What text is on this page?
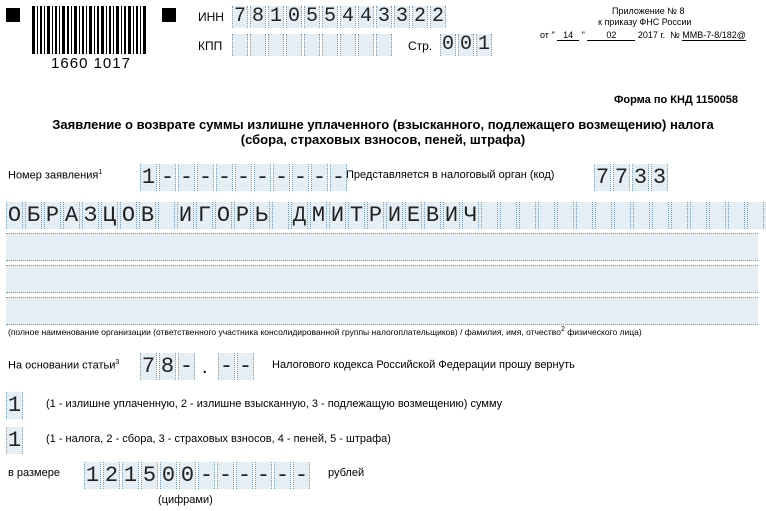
1660 1017
ИНН 7 8 1 0 5 5 4 4 3 3 2 2
КПП	Стр. 0 0 1
Приложение № 8
к приказу ФНС России
от " 14 " 02 2017 г. № ММВ-7-8/182@
Форма по КНД 1150058
Заявление о возврате суммы излишне уплаченного (взысканного, подлежащего возмещению) налога
(сбора, страховых взносов, пеней, штрафа)
Номер заявления$^1$ 1 - - - - - - - - - - Представляется в налоговый орган (код) 7 7 3 3
О Б Р А З Ц О В И Г О Р Ь Д М И Т Р И Е В И Ч
(полное наименование организации (ответственного участника консолидированной группы налогоплательщиков) / фамилия, имя, отчество$^2$ физического лица)
На основании статьи$^3$ 7 8 - . - - Налогового кодекса Российской Федерации прошу вернуть
1 (1 - излишне уплаченную, 2 - излишне взысканную, 3 - подлежащую возмещению) сумму
1 (1 - налога, 2 - сбора, 3 - страховых взносов, 4 - пеней, 5 - штрафа)
в размере 1 2 1 5 0 0 - - - - - - рублей
(цифрами)
